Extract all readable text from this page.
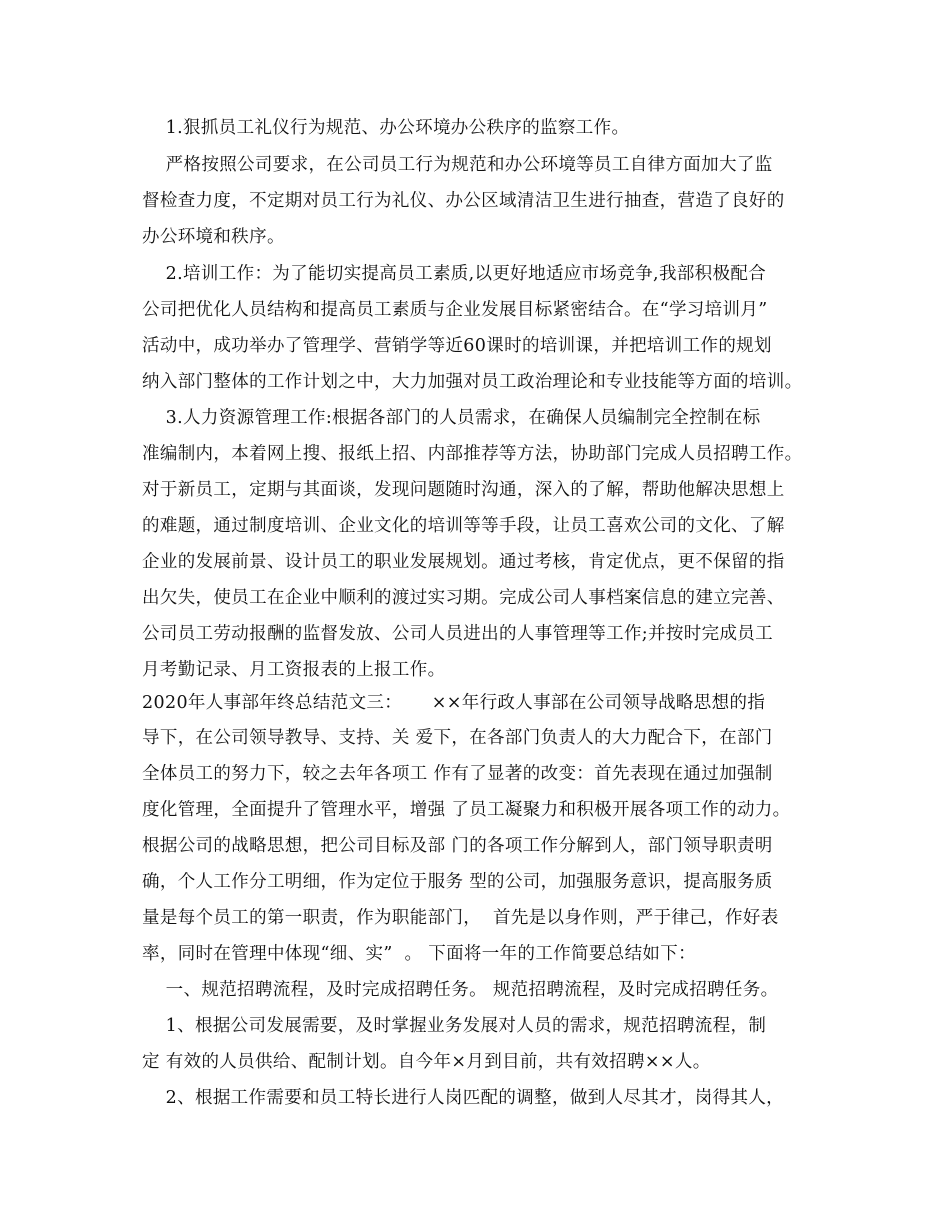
1.狠抓员工礼仪行为规范、办公环境办公秩序的监察工作。
严格按照公司要求，在公司员工行为规范和办公环境等员工自律方面加大了监
督检查力度，不定期对员工行为礼仪、办公区域清洁卫生进行抽查，营造了良好的
办公环境和秩序。
2.培训工作：为了能切实提高员工素质,以更好地适应市场竞争,我部积极配合
公司把优化人员结构和提高员工素质与企业发展目标紧密结合。在“学习培训月”
活动中，成功举办了管理学、营销学等近60课时的培训课，并把培训工作的规划
纳入部门整体的工作计划之中，大力加强对员工政治理论和专业技能等方面的培训。
3.人力资源管理工作:根据各部门的人员需求，在确保人员编制完全控制在标
准编制内，本着网上搜、报纸上招、内部推荐等方法，协助部门完成人员招聘工作。
对于新员工，定期与其面谈，发现问题随时沟通，深入的了解，帮助他解决思想上
的难题，通过制度培训、企业文化的培训等等手段，让员工喜欢公司的文化、了解
企业的发展前景、设计员工的职业发展规划。通过考核，肯定优点，更不保留的指
出欠失，使员工在企业中顺利的渡过实习期。完成公司人事档案信息的建立完善、
公司员工劳动报酬的监督发放、公司人员进出的人事管理等工作;并按时完成员工
月考勤记录、月工资报表的上报工作。
2020年人事部年终总结范文三：     ××年行政人事部在公司领导战略思想的指
导下，在公司领导教导、支持、关 爱下，在各部门负责人的大力配合下，在部门
全体员工的努力下，较之去年各项工 作有了显著的改变：首先表现在通过加强制
度化管理，全面提升了管理水平，增强 了员工凝聚力和积极开展各项工作的动力。
根据公司的战略思想，把公司目标及部 门的各项工作分解到人，部门领导职责明
确，个人工作分工明细，作为定位于服务 型的公司，加强服务意识，提高服务质
量是每个员工的第一职责，作为职能部门，  首先是以身作则，严于律己，作好表
率，同时在管理中体现“细、实”  。 下面将一年的工作简要总结如下：
一、规范招聘流程，及时完成招聘任务。 规范招聘流程，及时完成招聘任务。
1、根据公司发展需要，及时掌握业务发展对人员的需求，规范招聘流程，制
定 有效的人员供给、配制计划。自今年×月到目前，共有效招聘××人。
2、根据工作需要和员工特长进行人岗匹配的调整，做到人尽其才，岗得其人，
